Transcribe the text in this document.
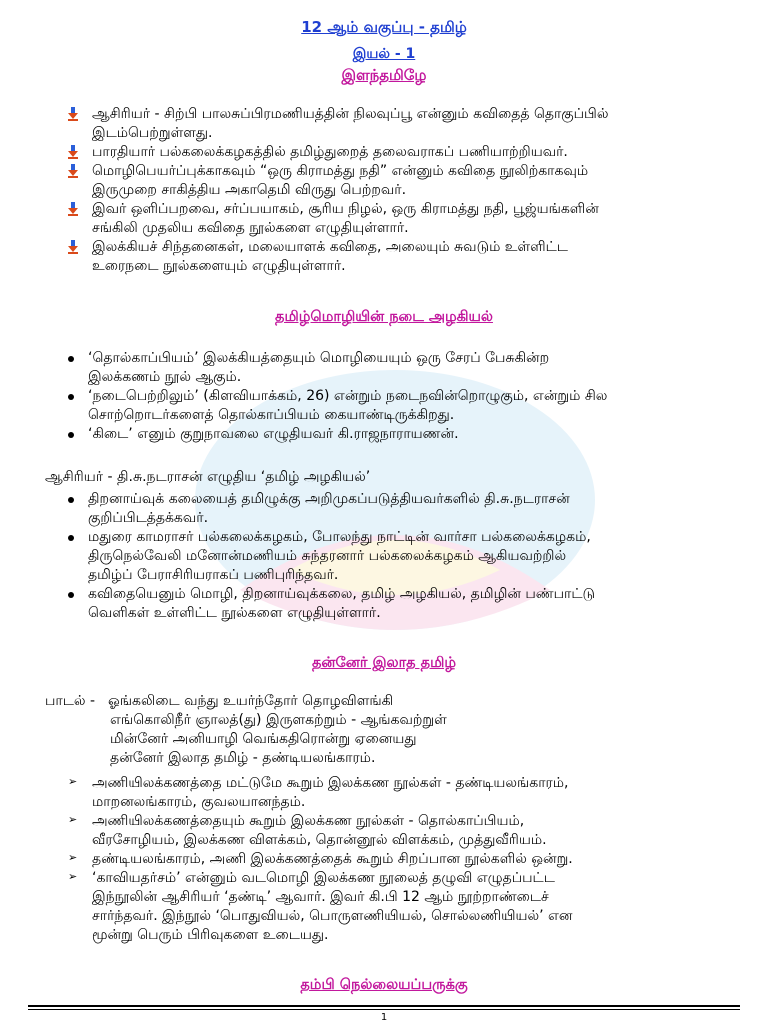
12 ஆம் வகுப்பு - தமிழ்
இயல் - 1
இளந்தமிழே
ஆசிரியர் - சிற்பி பாலசுப்பிரமணியத்தின் நிலவுப்பூ என்னும் கவிதைத் தொகுப்பில்
இடம்பெற்றுள்ளது.
பாரதியார் பல்கலைக்கழகத்தில் தமிழ்துறைத் தலைவராகப் பணியாற்றியவர்.
மொழிபெயர்ப்புக்காகவும் “ஒரு கிராமத்து நதி” என்னும் கவிதை நூலிற்காகவும்
இருமுறை சாகித்திய அகாதெமி விருது பெற்றவர்.
இவர் ஒளிப்பறவை, சர்ப்பயாகம், சூரிய நிழல், ஒரு கிராமத்து நதி, பூஜ்யங்களின்
சங்கிலி முதலிய கவிதை நூல்களை எழுதியுள்ளார்.
இலக்கியச் சிந்தனைகள், மலையாளக் கவிதை, அலையும் சுவடும் உள்ளிட்ட
உரைநடை நூல்களையும் எழுதியுள்ளார்.
தமிழ்மொழியின் நடை அழகியல்
‘தொல்காப்பியம்’ இலக்கியத்தையும் மொழியையும் ஒரு சேரப் பேசுகின்ற
இலக்கணம் நூல் ஆகும்.
‘நடைபெற்றிலும்’ (கிளவியாக்கம், 26) என்றும் நடைநவின்றொழுகும், என்றும் சில
சொற்றொடர்களைத் தொல்காப்பியம் கையாண்டிருக்கிறது.
‘கிடை’ எனும் குறுநாவலை எழுதியவர் கி.ராஜநாராயணன்.
ஆசிரியர் - தி.சு.நடராசன் எழுதிய ‘தமிழ் அழகியல்’
திறனாய்வுக் கலையைத் தமிழுக்கு அறிமுகப்படுத்தியவர்களில் தி.சு.நடராசன்
குறிப்பிடத்தக்கவர்.
மதுரை காமராசர் பல்கலைக்கழகம், போலந்து நாட்டின் வார்சா பல்கலைக்கழகம்,
திருநெல்வேலி மனோன்மணியம் சுந்தரனார் பல்கலைக்கழகம் ஆகியவற்றில்
தமிழ்ப் பேராசிரியராகப் பணிபுரிந்தவர்.
கவிதையெனும் மொழி, திறனாய்வுக்கலை, தமிழ் அழகியல், தமிழின் பண்பாட்டு
வெளிகள் உள்ளிட்ட நூல்களை எழுதியுள்ளார்.
தன்னேர் இலாத தமிழ்
பாடல் - ஓங்கலிடை வந்து உயர்ந்தோர் தொழவிளங்கி
எங்கொலிநீர் ஞாலத்(து) இருளகற்றும் - ஆங்கவற்றுள்
மின்னேர் அனியாழி வெங்கதிரொன்று ஏனையது
தன்னேர் இலாத தமிழ் - தண்டியலங்காரம்.
➢ அணியிலக்கணத்தை மட்டுமே கூறும் இலக்கண நூல்கள் - தண்டியலங்காரம்,
மாறனலங்காரம், குவலயானந்தம்.
➢ அணியிலக்கணத்தையும் கூறும் இலக்கண நூல்கள் - தொல்காப்பியம்,
வீரசோழியம், இலக்கண விளக்கம், தொன்னூல் விளக்கம், முத்துவீரியம்.
➢ தண்டியலங்காரம், அணி இலக்கணத்தைக் கூறும் சிறப்பான நூல்களில் ஒன்று.
➢ ‘காவியதர்சம்’ என்னும் வடமொழி இலக்கண நூலைத் தழுவி எழுதப்பட்ட
இந்நூலின் ஆசிரியர் ‘தண்டி’ ஆவார். இவர் கி.பி 12 ஆம் நூற்றாண்டைச்
சார்ந்தவர். இந்நூல் ‘பொதுவியல், பொருளணியியல், சொல்லணியியல்’ என
மூன்று பெரும் பிரிவுகளை உடையது.
தம்பி நெல்லையப்பருக்கு
1
